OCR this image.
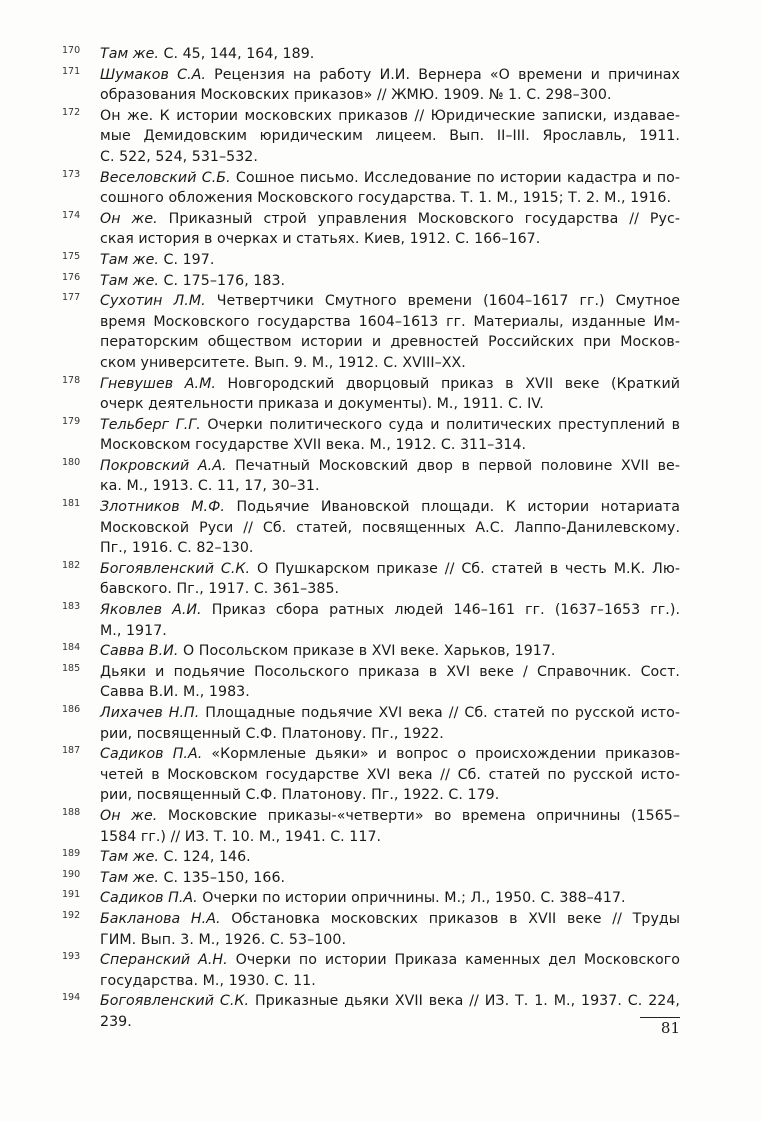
170	Там же. С. 45, 144, 164, 189.
171	Шумаков С.А. Рецензия на работу И.И. Вернера «О времени и причинах
образования Московских приказов» // ЖМЮ. 1909. № 1. С. 298–300.
172	Он же. К истории московских приказов // Юридические записки, издавае-
мые Демидовским юридическим лицеем. Вып. II–III. Ярославль, 1911.
С. 522, 524, 531–532.
173	Веселовский С.Б. Сошное письмо. Исследование по истории кадастра и по-
сошного обложения Московского государства. Т. 1. М., 1915; Т. 2. М., 1916.
174	Он же. Приказный строй управления Московского государства // Рус-
ская история в очерках и статьях. Киев, 1912. С. 166–167.
175	Там же. С. 197.
176	Там же. С. 175–176, 183.
177	Сухотин Л.М. Четвертчики Смутного времени (1604–1617 гг.) Смутное
время Московского государства 1604–1613 гг. Материалы, изданные Им-
ператорским обществом истории и древностей Российских при Москов-
ском университете. Вып. 9. М., 1912. С. XVIII–XX.
178	Гневушев А.М. Новгородский дворцовый приказ в XVII веке (Краткий
очерк деятельности приказа и документы). М., 1911. С. IV.
179	Тельберг Г.Г. Очерки политического суда и политических преступлений в
Московском государстве XVII века. М., 1912. С. 311–314.
180	Покровский А.А. Печатный Московский двор в первой половине XVII ве-
ка. М., 1913. С. 11, 17, 30–31.
181	Злотников М.Ф. Подьячие Ивановской площади. К истории нотариата
Московской Руси // Сб. статей, посвященных А.С. Лаппо-Данилевскому.
Пг., 1916. С. 82–130.
182	Богоявленский С.К. О Пушкарском приказе // Сб. статей в честь М.К. Лю-
бавского. Пг., 1917. С. 361–385.
183	Яковлев А.И. Приказ сбора ратных людей 146–161 гг. (1637–1653 гг.).
М., 1917.
184	Савва В.И. О Посольском приказе в XVI веке. Харьков, 1917.
185	Дьяки и подьячие Посольского приказа в XVI веке / Справочник. Сост.
Савва В.И. М., 1983.
186	Лихачев Н.П. Площадные подьячие XVI века // Сб. статей по русской исто-
рии, посвященный С.Ф. Платонову. Пг., 1922.
187	Садиков П.А. «Кормленые дьяки» и вопрос о происхождении приказов-
четей в Московском государстве XVI века // Сб. статей по русской исто-
рии, посвященный С.Ф. Платонову. Пг., 1922. С. 179.
188	Он же. Московские приказы-«четверти» во времена опричнины (1565–
1584 гг.) // ИЗ. Т. 10. М., 1941. С. 117.
189	Там же. С. 124, 146.
190	Там же. С. 135–150, 166.
191	Садиков П.А. Очерки по истории опричнины. М.; Л., 1950. С. 388–417.
192	Бакланова Н.А. Обстановка московских приказов в XVII веке // Труды
ГИМ. Вып. 3. М., 1926. С. 53–100.
193	Сперанский А.Н. Очерки по истории Приказа каменных дел Московского
государства. М., 1930. С. 11.
194	Богоявленский С.К. Приказные дьяки XVII века // ИЗ. Т. 1. М., 1937. С. 224,
239.	81
